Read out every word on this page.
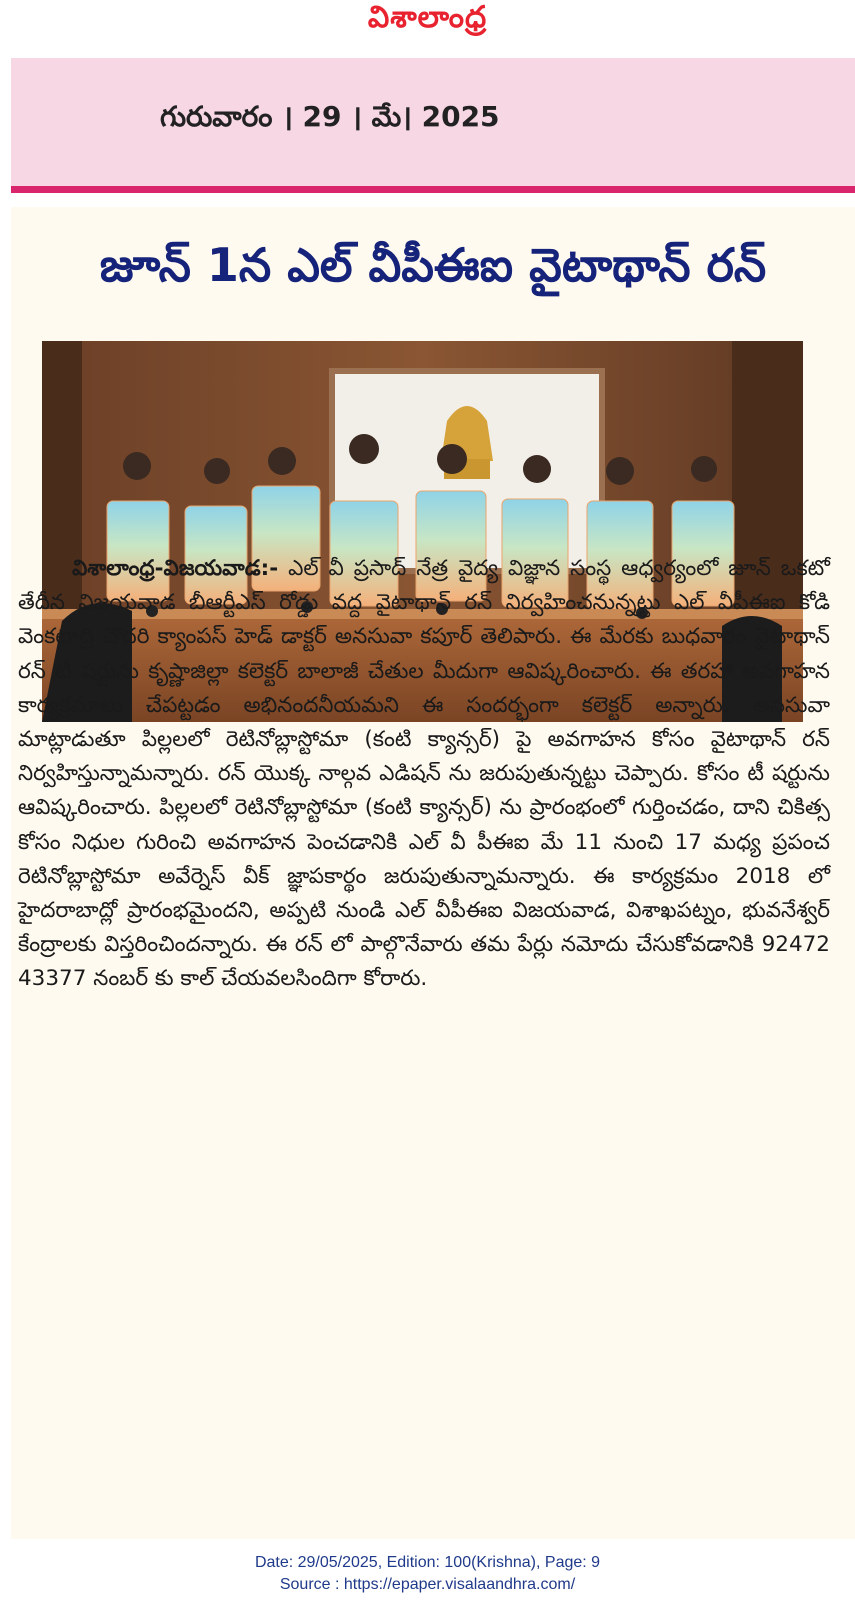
విశాలాంధ్ర
గురువారం । 29 । మే। 2025
జూన్ 1న ఎల్ వీపీఈఐ వైటాథాన్ రన్

విశాలాంధ్ర-విజయవాడ:- ఎల్ వీ ప్రసాద్ నేత్ర వైద్య విజ్ఞాన సంస్థ ఆధ్వర్యంలో జూన్ ఒకటో తేదీన విజయవాడ బీఆర్టీఎస్ రోడ్డు వద్ద వైటాథాన్ రన్ నిర్వహించనున్నట్టు ఎల్ వీపీఈఐ కోడి వెంకటాద్రి చౌదరి క్యాంపస్ హెడ్ డాక్టర్ అనసువా కపూర్ తెలిపారు. ఈ మేరకు బుధవారం వైటాథాన్ రన్ టీ షర్టును కృష్ణాజిల్లా కలెక్టర్ బాలాజీ చేతుల మీదుగా ఆవిష్కరించారు. ఈ తరహా అవగాహన కార్యక్రమాలు చేపట్టడం అభినందనీయమని ఈ సందర్భంగా కలెక్టర్ అన్నారు. అనసువా మాట్లాడుతూ పిల్లలలో రెటినోబ్లాస్టోమా (కంటి క్యాన్సర్) పై అవగాహన కోసం వైటాథాన్ రన్ నిర్వహిస్తున్నామన్నారు. రన్ యొక్క నాల్గవ ఎడిషన్ ను జరుపుతున్నట్టు చెప్పారు. కోసం టీ షర్టును ఆవిష్కరించారు. పిల్లలలో రెటినోబ్లాస్టోమా (కంటి క్యాన్సర్) ను ప్రారంభంలో గుర్తించడం, దాని చికిత్స కోసం నిధుల గురించి అవగాహన పెంచడానికి ఎల్ వీ పీఈఐ మే 11 నుంచి 17 మధ్య ప్రపంచ రెటినోబ్లాస్టోమా అవేర్నెస్ వీక్ జ్ఞాపకార్థం జరుపుతున్నామన్నారు. ఈ కార్యక్రమం 2018 లో హైదరాబాద్లో ప్రారంభమైందని, అప్పటి నుండి ఎల్ వీపీఈఐ విజయవాడ, విశాఖపట్నం, భువనేశ్వర్ కేంద్రాలకు విస్తరించిందన్నారు. ఈ రన్ లో పాల్గొనేవారు తమ పేర్లు నమోదు చేసుకోవడానికి 92472 43377 నంబర్ కు కాల్ చేయవలసిందిగా కోరారు.

Date: 29/05/2025, Edition: 100(Krishna), Page: 9
Source : https://epaper.visalaandhra.com/
